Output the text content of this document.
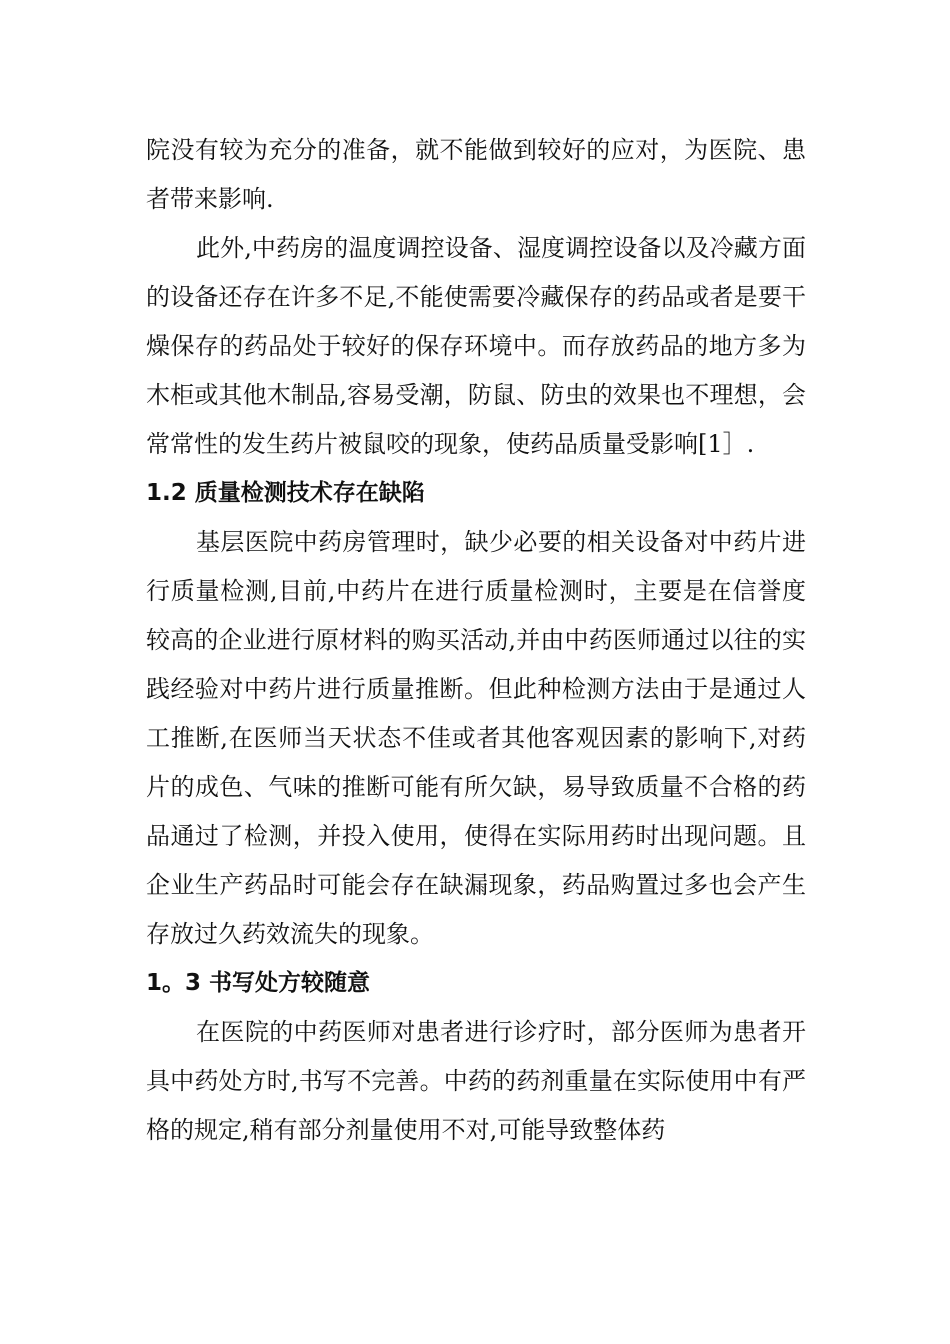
院没有较为充分的准备，就不能做到较好的应对，为医院、患者带来影响.

此外,中药房的温度调控设备、湿度调控设备以及冷藏方面的设备还存在许多不足,不能使需要冷藏保存的药品或者是要干燥保存的药品处于较好的保存环境中。而存放药品的地方多为木柜或其他木制品,容易受潮，防鼠、防虫的效果也不理想，会常常性的发生药片被鼠咬的现象，使药品质量受影响[1］.

1.2 质量检测技术存在缺陷

基层医院中药房管理时，缺少必要的相关设备对中药片进行质量检测,目前,中药片在进行质量检测时，主要是在信誉度较高的企业进行原材料的购买活动,并由中药医师通过以往的实践经验对中药片进行质量推断。但此种检测方法由于是通过人工推断,在医师当天状态不佳或者其他客观因素的影响下,对药片的成色、气味的推断可能有所欠缺，易导致质量不合格的药品通过了检测，并投入使用，使得在实际用药时出现问题。且企业生产药品时可能会存在缺漏现象，药品购置过多也会产生存放过久药效流失的现象。

1。3 书写处方较随意

在医院的中药医师对患者进行诊疗时，部分医师为患者开具中药处方时,书写不完善。中药的药剂重量在实际使用中有严格的规定,稍有部分剂量使用不对,可能导致整体药
